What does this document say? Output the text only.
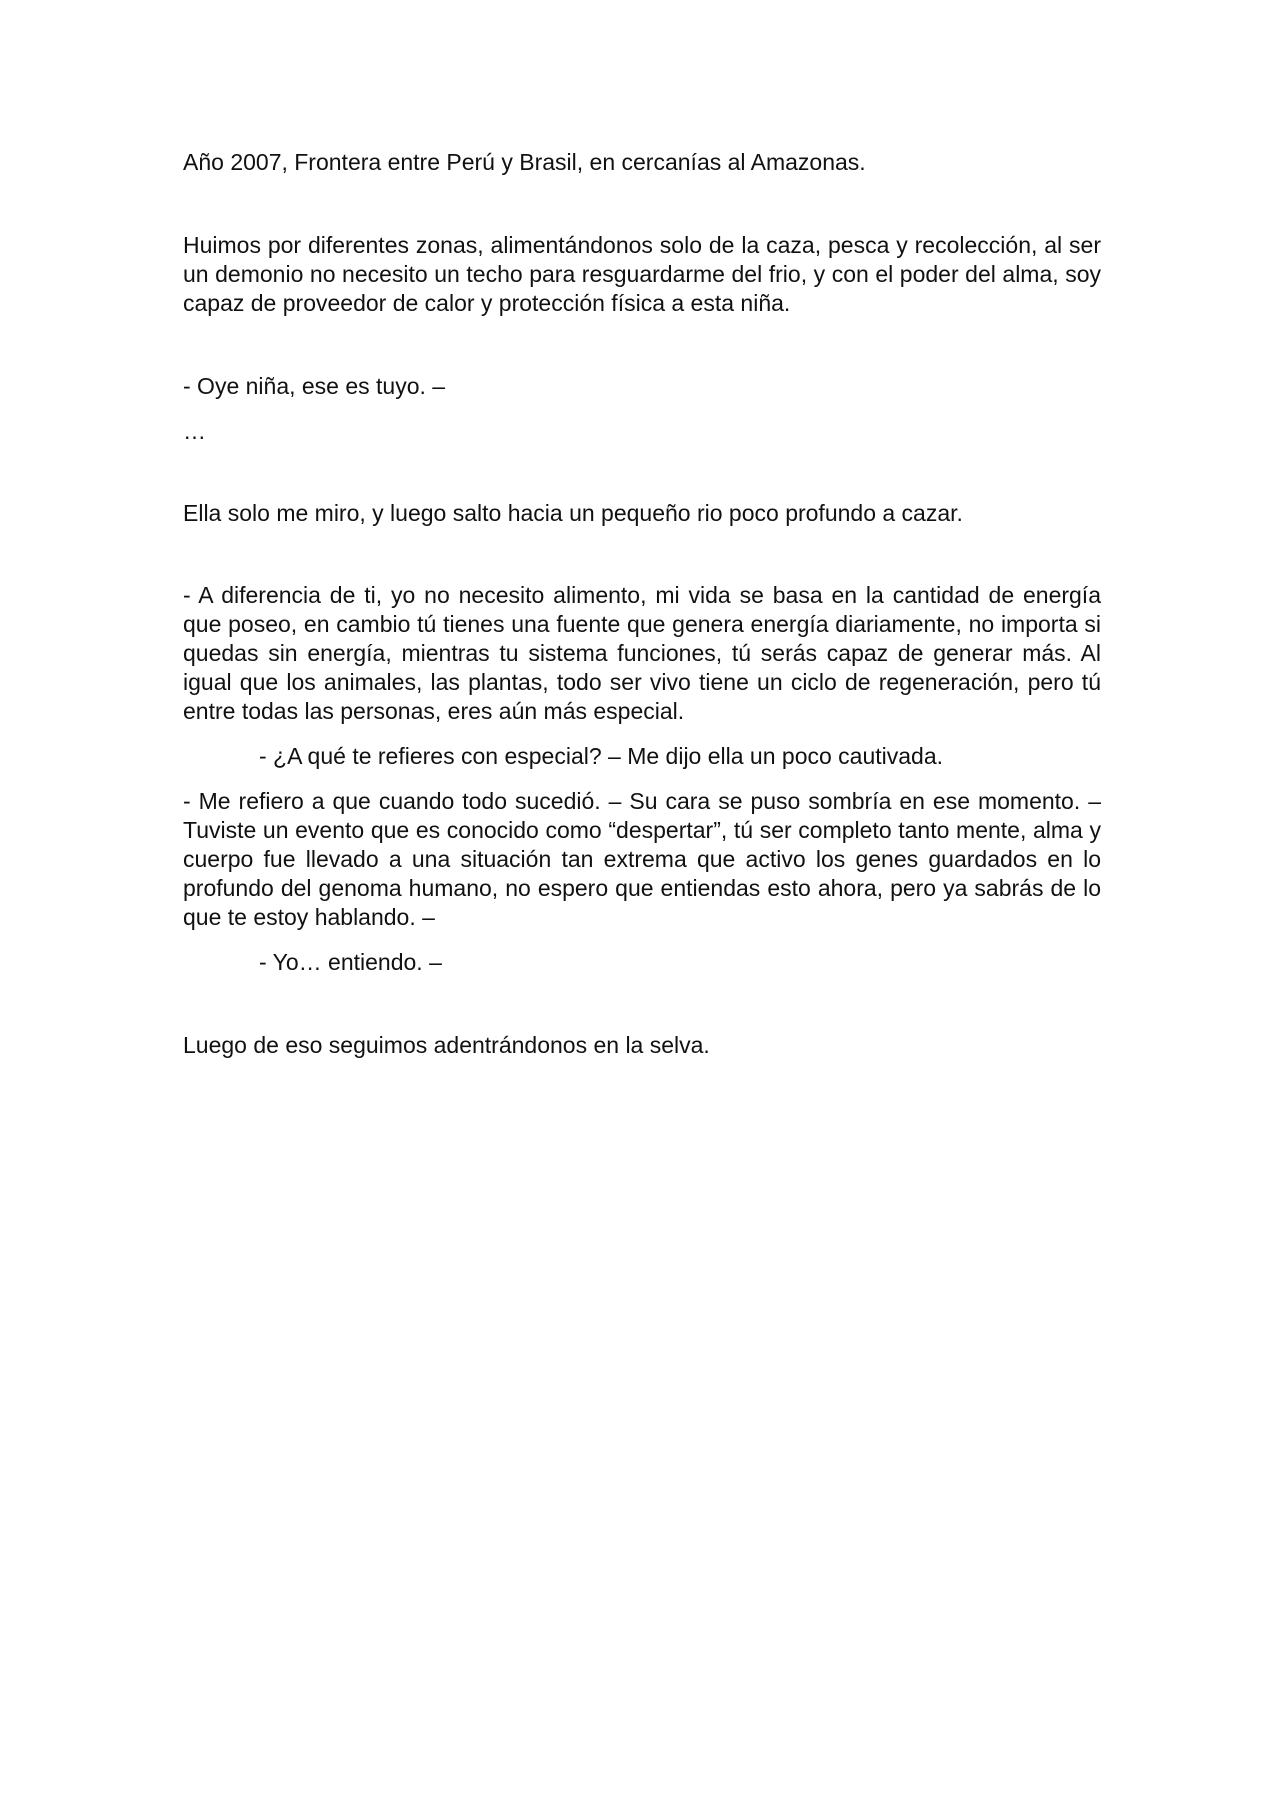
Año 2007, Frontera entre Perú y Brasil, en cercanías al Amazonas.

Huimos por diferentes zonas, alimentándonos solo de la caza, pesca y recolección, al ser un demonio no necesito un techo para resguardarme del frio, y con el poder del alma, soy capaz de proveedor de calor y protección física a esta niña.

- Oye niña, ese es tuyo. –

…

Ella solo me miro, y luego salto hacia un pequeño rio poco profundo a cazar.

- A diferencia de ti, yo no necesito alimento, mi vida se basa en la cantidad de energía que poseo, en cambio tú tienes una fuente que genera energía diariamente, no importa si quedas sin energía, mientras tu sistema funciones, tú serás capaz de generar más. Al igual que los animales, las plantas, todo ser vivo tiene un ciclo de regeneración, pero tú entre todas las personas, eres aún más especial.

- ¿A qué te refieres con especial? – Me dijo ella un poco cautivada.

- Me refiero a que cuando todo sucedió. – Su cara se puso sombría en ese momento. – Tuviste un evento que es conocido como “despertar”, tú ser completo tanto mente, alma y cuerpo fue llevado a una situación tan extrema que activo los genes guardados en lo profundo del genoma humano, no espero que entiendas esto ahora, pero ya sabrás de lo que te estoy hablando. –

- Yo… entiendo. –

Luego de eso seguimos adentrándonos en la selva.
